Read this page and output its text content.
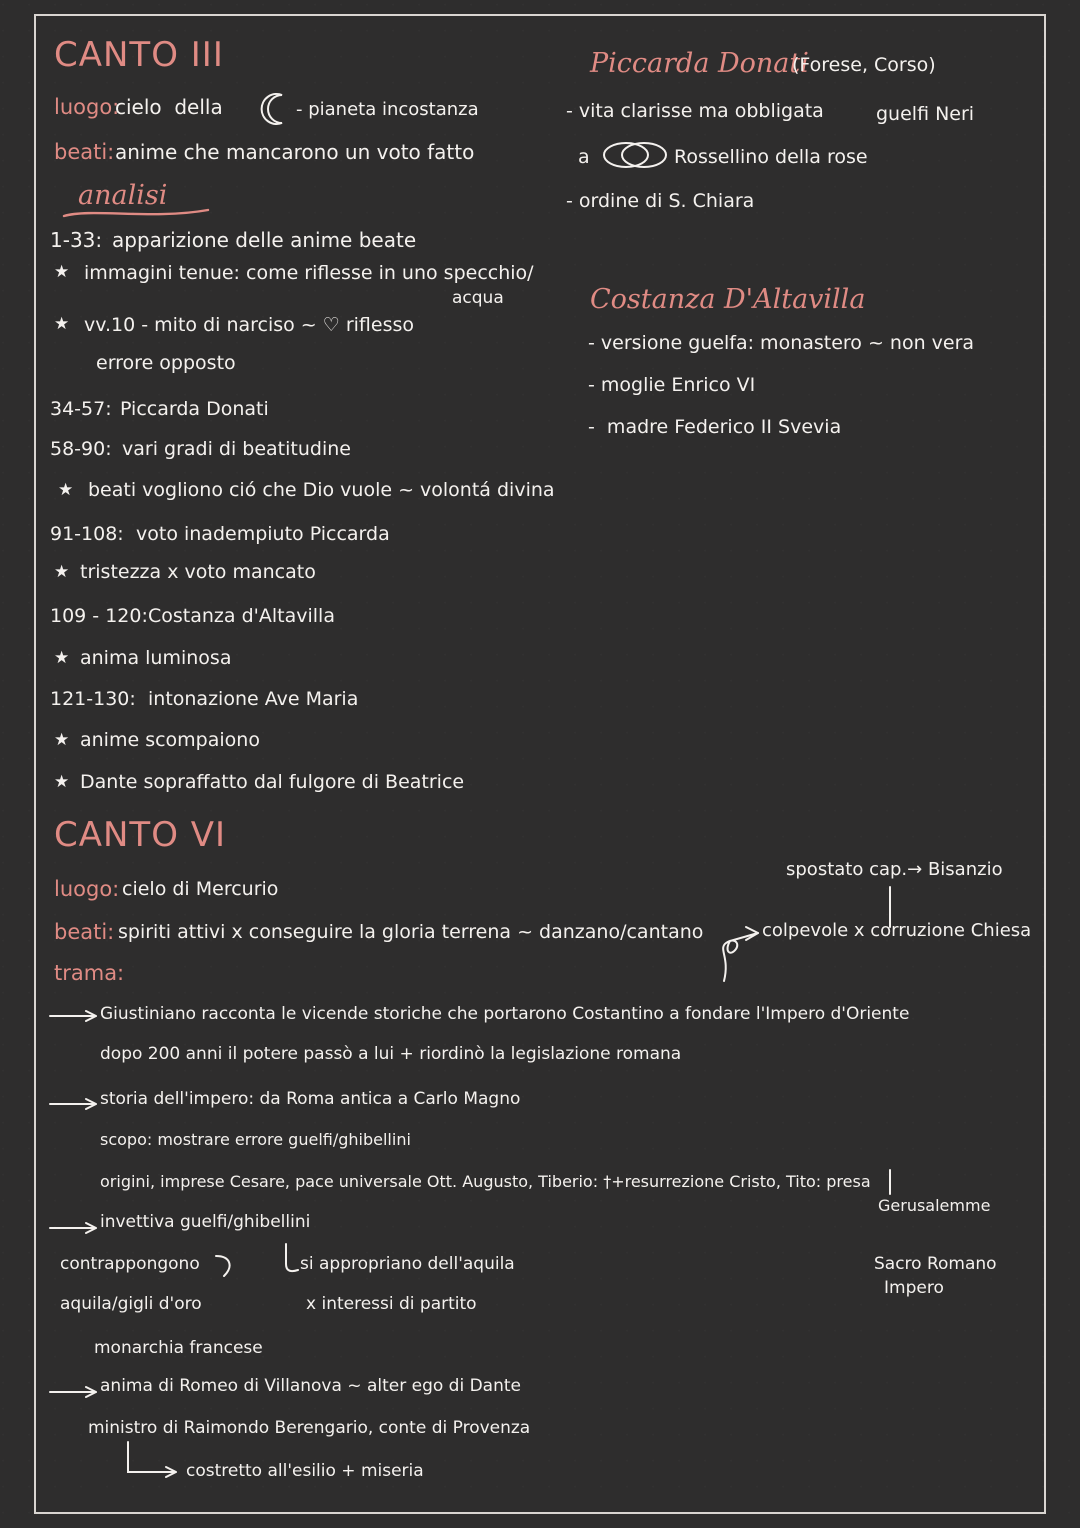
CANTO III
luogo:
cielo  della	- pianeta incostanza
beati: anime che mancarono un voto fatto
analisi
1-33: apparizione delle anime beate
★ immagini tenue: come riflesse in uno specchio/
acqua
★ vv.10 - mito di narciso ~ ♡ riflesso
errore opposto
34-57: Piccarda Donati
58-90: vari gradi di beatitudine
★ beati vogliono ció che Dio vuole ~ volontá divina
91-108: voto inadempiuto Piccarda
★ tristezza x voto mancato
109 - 120: Costanza d'Altavilla
★ anima luminosa
121-130: intonazione Ave Maria
★ anime scompaiono
★ Dante sopraffatto dal fulgore di Beatrice
Piccarda Donati
(Forese, Corso)
- vita clarisse ma obbligata	guelfi Neri
a	Rossellino della rose
- ordine di S. Chiara
Costanza D'Altavilla
- versione guelfa: monastero ~ non vera
- moglie Enrico VI
-  madre Federico II Svevia
CANTO VI
luogo: cielo di Mercurio
beati: spiriti attivi x conseguire la gloria terrena ~ danzano/cantano
trama:
spostato cap.→ Bisanzio
colpevole x corruzione Chiesa
Giustiniano racconta le vicende storiche che portarono Costantino a fondare l'Impero d'Oriente
dopo 200 anni il potere passò a lui + riordinò la legislazione romana
storia dell'impero: da Roma antica a Carlo Magno
scopo: mostrare errore guelfi/ghibellini
origini, imprese Cesare, pace universale Ott. Augusto, Tiberio: †+resurrezione Cristo, Tito: presa
Gerusalemme
invettiva guelfi/ghibellini
contrappongono	si appropriano dell'aquila
aquila/gigli d'oro	x interessi di partito
monarchia francese
Sacro Romano
Impero
anima di Romeo di Villanova ~ alter ego di Dante
ministro di Raimondo Berengario, conte di Provenza
costretto all'esilio + miseria
